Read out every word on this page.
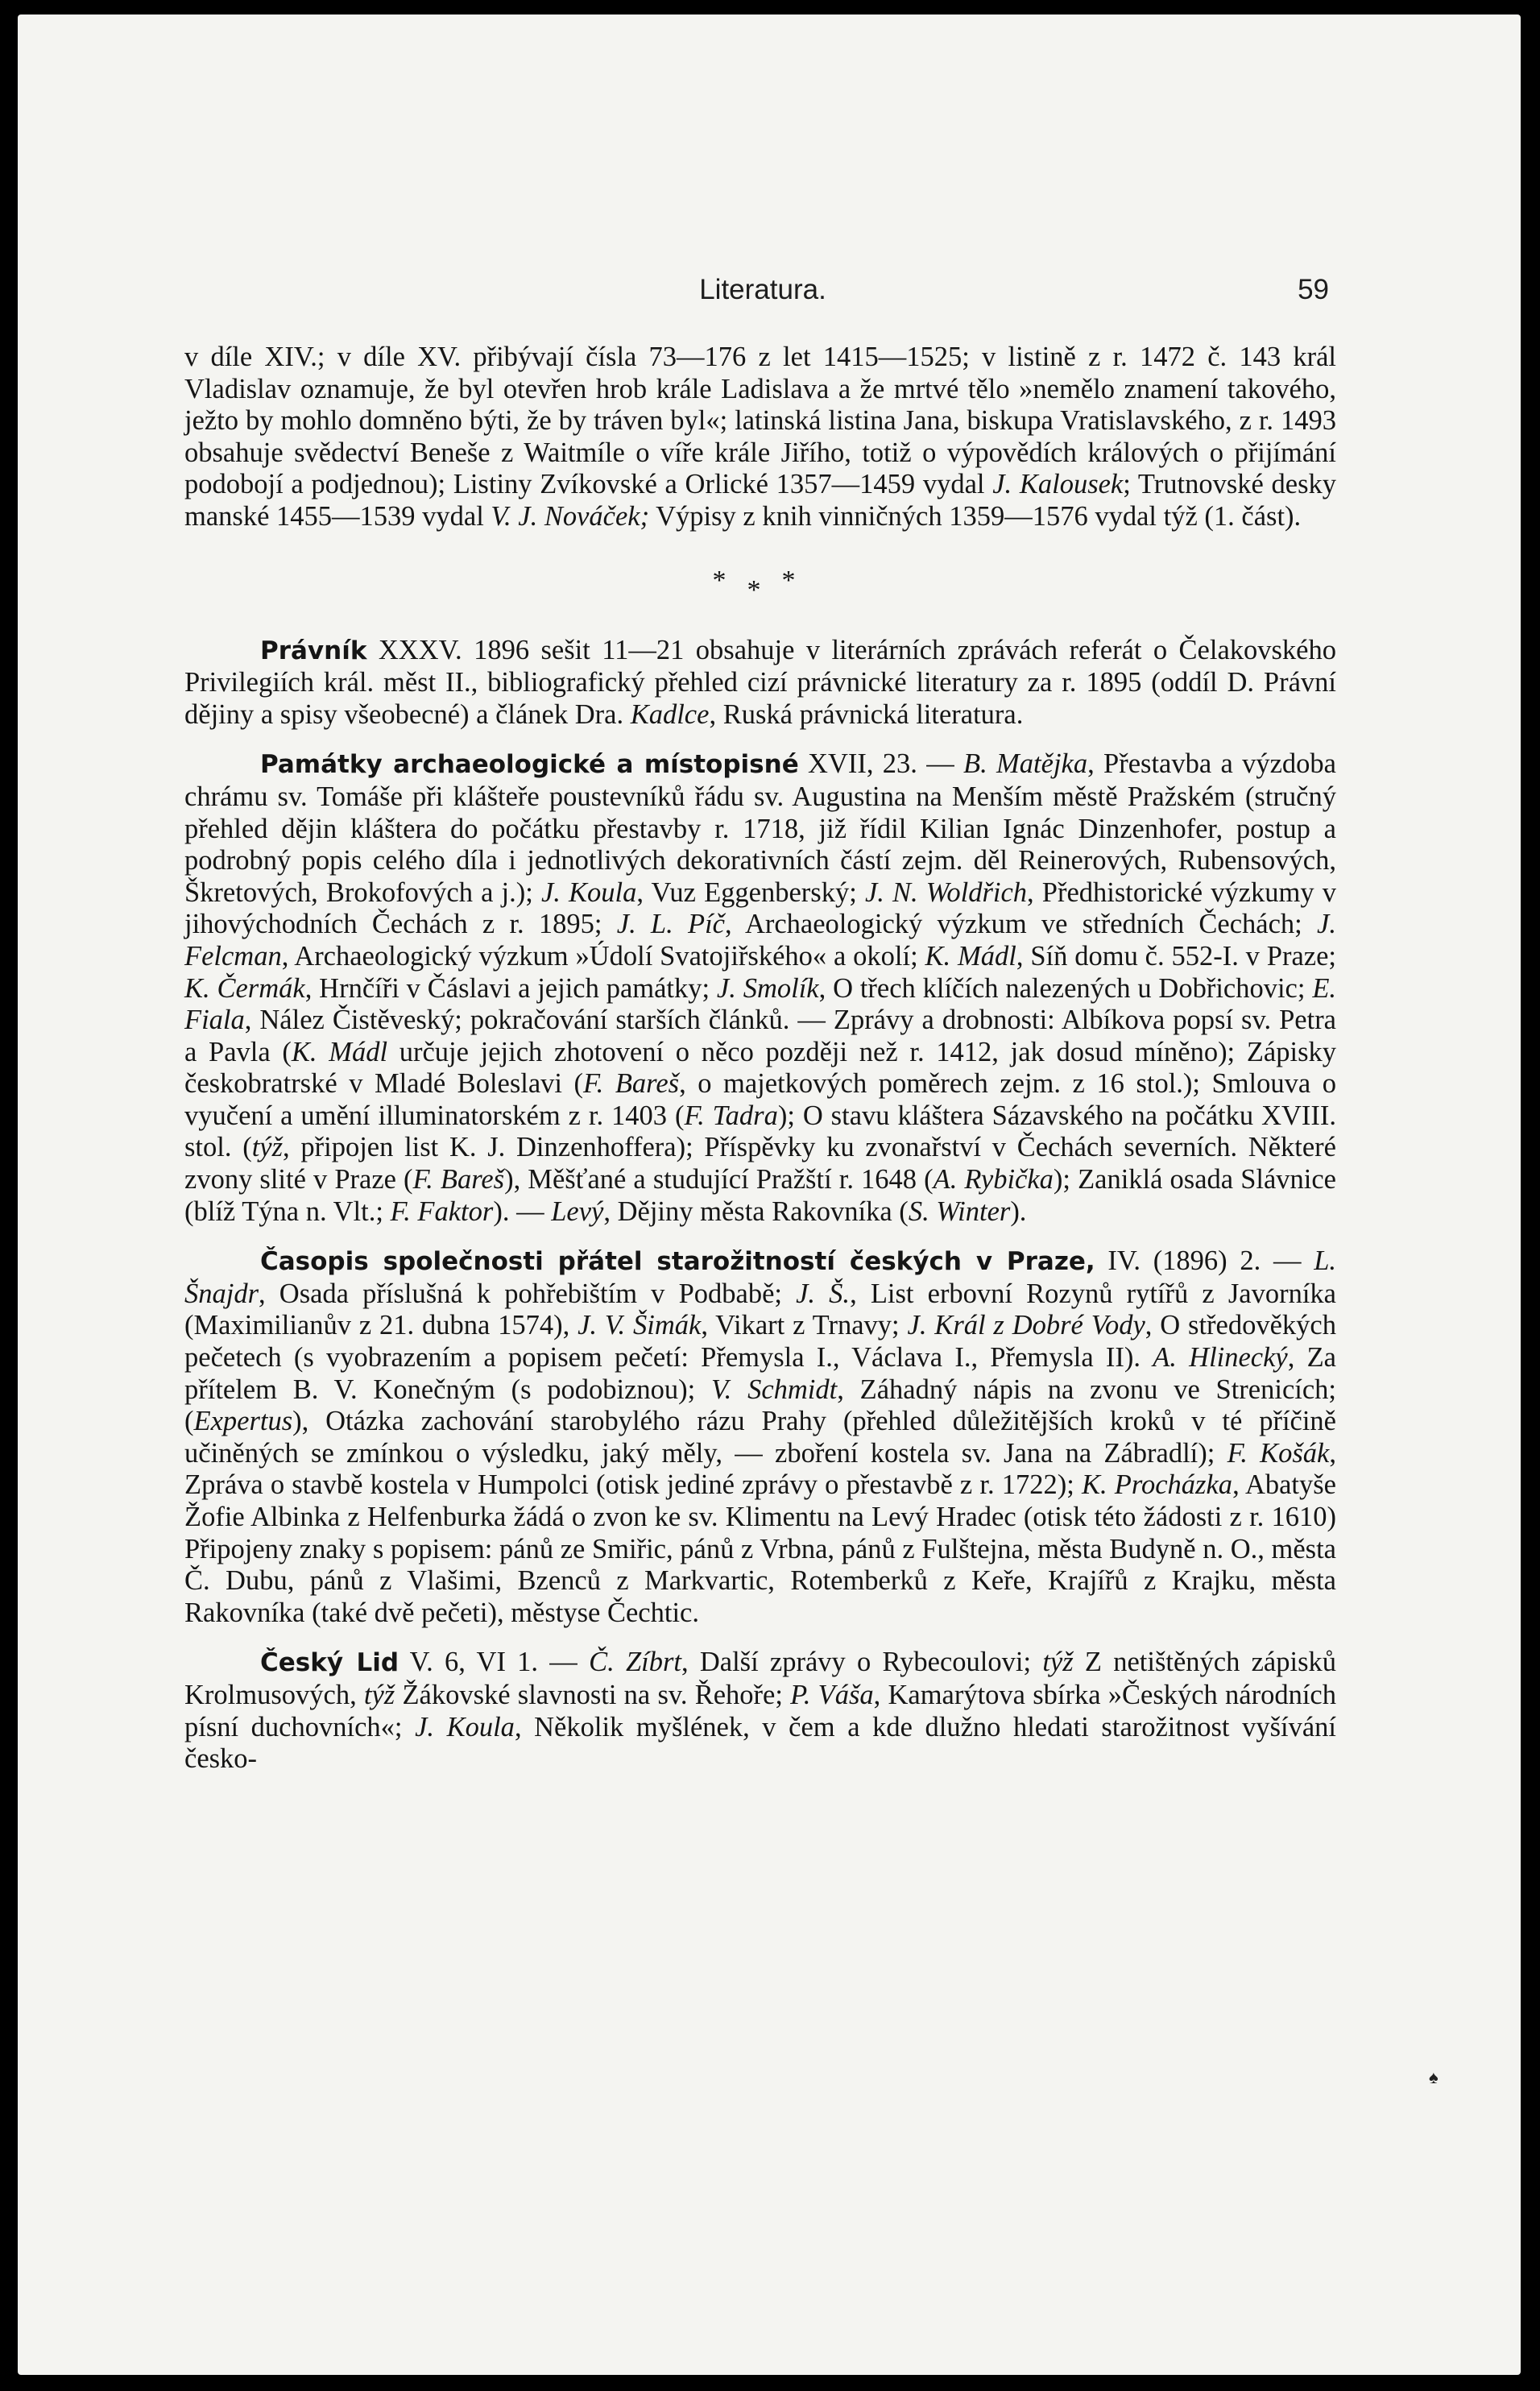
Literatura.	59

v díle XIV.; v díle XV. přibývají čísla 73—176 z let 1415—1525; v listině z r. 1472 č. 143 král Vladislav oznamuje, že byl otevřen hrob krále Ladislava a že mrtvé tělo »nemělo znamení takového, ježto by mohlo domněno býti, že by tráven byl«; latinská listina Jana, biskupa Vratislavského, z r. 1493 obsahuje svědectví Beneše z Waitmíle o víře krále Jiřího, totiž o výpovědích králových o přijímání podobojí a podjednou); Listiny Zvíkovské a Orlické 1357—1459 vydal J. Kalousek; Trutnovské desky manské 1455—1539 vydal V. J. Nováček; Výpisy z knih vinničných 1359—1576 vydal týž (1. část).

***

Právník XXXV. 1896 sešit 11—21 obsahuje v literárních zprávách referát o Čelakovského Privilegiích král. měst II., bibliografický přehled cizí právnické literatury za r. 1895 (oddíl D. Právní dějiny a spisy všeobecné) a článek Dra. Kadlce, Ruská právnická literatura.

Památky archaeologické a místopisné XVII, 23. — B. Matějka, Přestavba a výzdoba chrámu sv. Tomáše při klášteře poustevníků řádu sv. Augustina na Menším městě Pražském (stručný přehled dějin kláštera do počátku přestavby r. 1718, již řídil Kilian Ignác Dinzenhofer, postup a podrobný popis celého díla i jednotlivých dekorativních částí zejm. děl Reinerových, Rubensových, Škretových, Brokofových a j.); J. Koula, Vuz Eggenberský; J. N. Woldřich, Předhistorické výzkumy v jihovýchodních Čechách z r. 1895; J. L. Píč, Archaeologický výzkum ve středních Čechách; J. Felcman, Archaeologický výzkum »Údolí Svatojiřského« a okolí; K. Mádl, Síň domu č. 552-I. v Praze; K. Čermák, Hrnčíři v Čáslavi a jejich památky; J. Smolík, O třech klíčích nalezených u Dobřichovic; E. Fiala, Nález Čistěveský; pokračování starších článků. — Zprávy a drobnosti: Albíkova popsí sv. Petra a Pavla (K. Mádl určuje jejich zhotovení o něco později než r. 1412, jak dosud míněno); Zápisky českobratrské v Mladé Boleslavi (F. Bareš, o majetkových poměrech zejm. z 16 stol.); Smlouva o vyučení a umění illuminatorském z r. 1403 (F. Tadra); O stavu kláštera Sázavského na počátku XVIII. stol. (týž, připojen list K. J. Dinzenhoffera); Příspěvky ku zvonařství v Čechách severních. Některé zvony slité v Praze (F. Bareš), Měšťané a studující Pražští r. 1648 (A. Rybička); Zaniklá osada Slávnice (blíž Týna n. Vlt.; F. Faktor). — Levý, Dějiny města Rakovníka (S. Winter).

Časopis společnosti přátel starožitností českých v Praze, IV. (1896) 2. — L. Šnajdr, Osada příslušná k pohřebištím v Podbabě; J. Š., List erbovní Rozynů rytířů z Javorníka (Maximilianův z 21. dubna 1574), J. V. Šimák, Vikart z Trnavy; J. Král z Dobré Vody, O středověkých pečetech (s vyobrazením a popisem pečetí: Přemysla I., Václava I., Přemysla II). A. Hlinecký, Za přítelem B. V. Konečným (s podobiznou); V. Schmidt, Záhadný nápis na zvonu ve Strenicích; (Expertus), Otázka zachování starobylého rázu Prahy (přehled důležitějších kroků v té příčině učiněných se zmínkou o výsledku, jaký měly, — zboření kostela sv. Jana na Zábradlí); F. Košák, Zpráva o stavbě kostela v Humpolci (otisk jediné zprávy o přestavbě z r. 1722); K. Procházka, Abatyše Žofie Albinka z Helfenburka žádá o zvon ke sv. Klimentu na Levý Hradec (otisk této žádosti z r. 1610) Připojeny znaky s popisem: pánů ze Smiřic, pánů z Vrbna, pánů z Fulštejna, města Budyně n. O., města Č. Dubu, pánů z Vlašimi, Bzenců z Markvartic, Rotemberků z Keře, Krajířů z Krajku, města Rakovníka (také dvě pečeti), městyse Čechtic.

Český Lid V. 6, VI 1. — Č. Zíbrt, Další zprávy o Rybecoulovi; týž Z netištěných zápisků Krolmusových, týž Žákovské slavnosti na sv. Řehoře; P. Váša, Kamarýtova sbírka »Českých národních písní duchovních«; J. Koula, Několik myšlének, v čem a kde dlužno hledati starožitnost vyšívání česko-

♠
